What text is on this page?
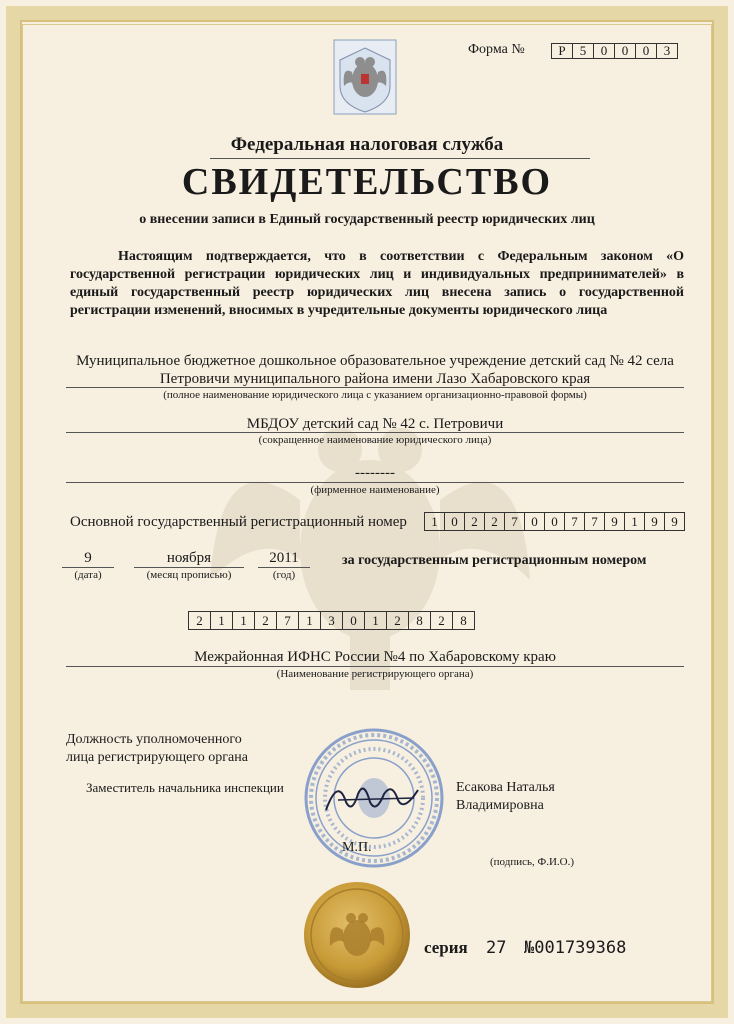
Форма №	Р	5	0	0	0	3
Федеральная налоговая служба
СВИДЕТЕЛЬСТВО
о внесении записи в Единый государственный реестр юридических лиц
Настоящим подтверждается, что в соответствии с Федеральным законом «О государственной регистрации юридических лиц и индивидуальных предпринимателей» в единый государственный реестр юридических лиц внесена запись о государственной регистрации изменений, вносимых в учредительные документы юридического лица
Муниципальное бюджетное дошкольное образовательное учреждение детский сад № 42 села
Петровичи муниципального района имени Лазо Хабаровского края
(полное наименование юридического лица с указанием организационно-правовой формы)
МБДОУ детский сад № 42 с. Петровичи
(сокращенное наименование юридического лица)
--------
(фирменное наименование)
Основной государственный регистрационный номер	1	0	2	2	7	0	0	7	7	9	1	9	9
9
(дата)
ноября
(месяц прописью)
2011
(год)
за государственным регистрационным номером
2	1	1	2	7	1	3	0	1	2	8	2	8
Межрайонная ИФНС России №4 по Хабаровскому краю
(Наименование регистрирующего органа)
Должность уполномоченного
лица регистрирующего органа
Заместитель начальника инспекции
М.П.
Есакова Наталья
Владимировна
(подпись, Ф.И.О.)
серия 27 №001739368
